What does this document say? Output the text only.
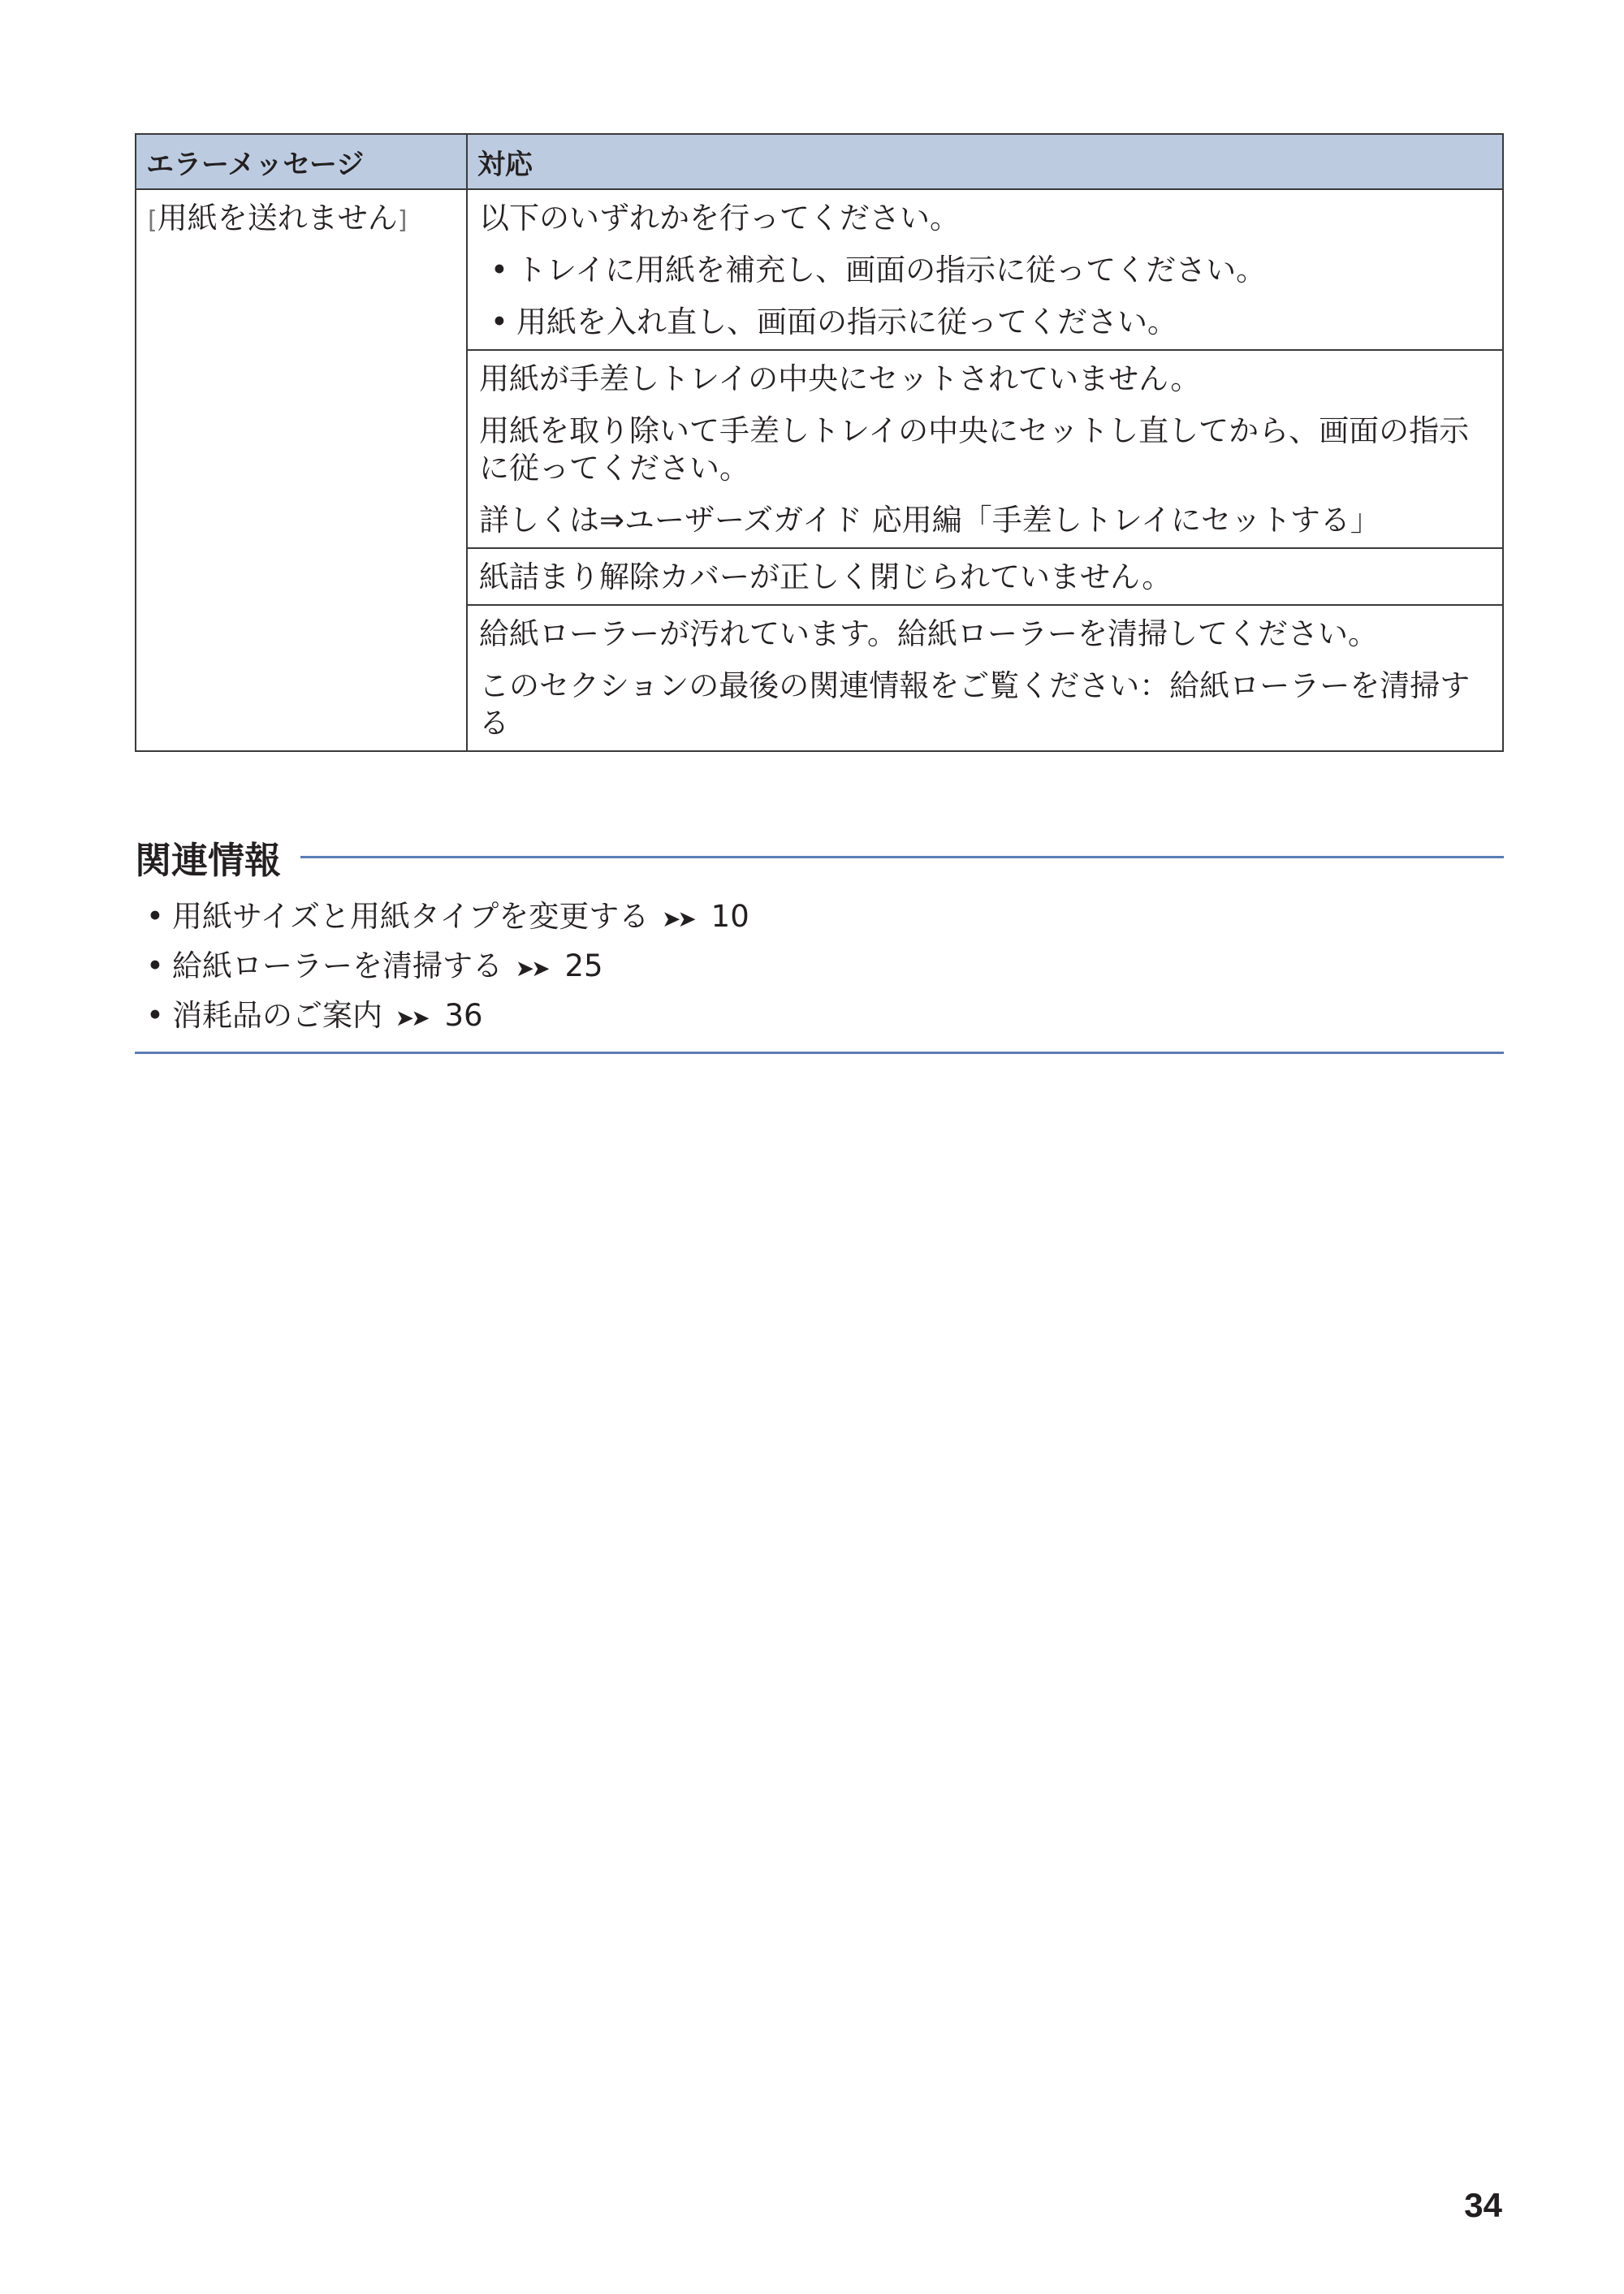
エラーメッセージ	対応
[用紙を送れません]	以下のいずれかを行ってください。
• トレイに用紙を補充し、画面の指示に従ってください。
• 用紙を入れ直し、画面の指示に従ってください。

	用紙が手差しトレイの中央にセットされていません。
用紙を取り除いて手差しトレイの中央にセットし直してから、画面の指示に従ってください。
詳しくは⇒ユーザーズガイド 応用編「手差しトレイにセットする」

	紙詰まり解除カバーが正しく閉じられていません。

	給紙ローラーが汚れています。給紙ローラーを清掃してください。
このセクションの最後の関連情報をご覧ください：給紙ローラーを清掃する
関連情報
• 用紙サイズと用紙タイプを変更する ➤➤ 10
• 給紙ローラーを清掃する ➤➤ 25
• 消耗品のご案内 ➤➤ 36
34
